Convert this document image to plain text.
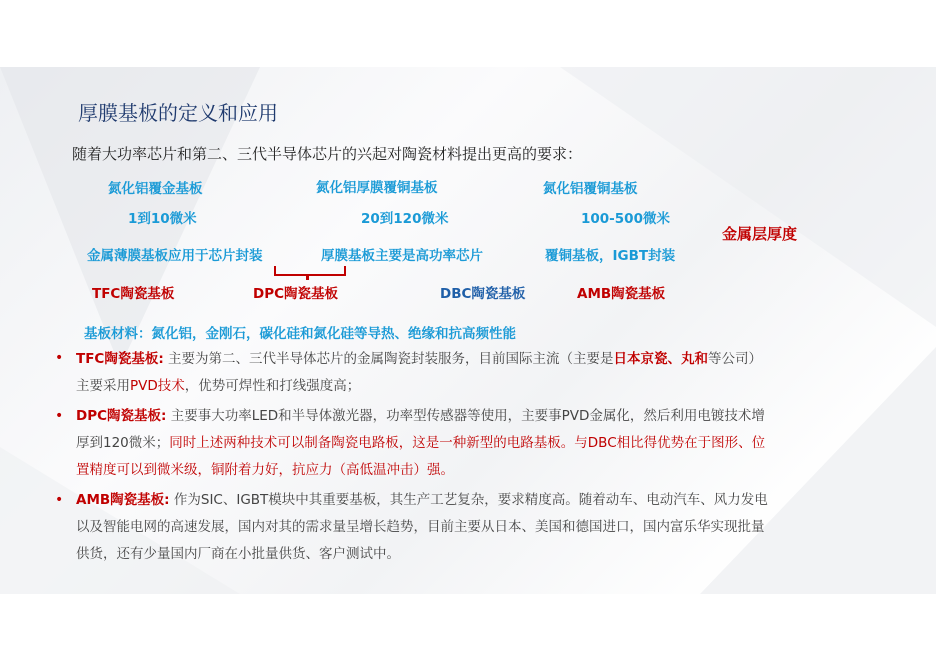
厚膜基板的定义和应用
随着大功率芯片和第二、三代半导体芯片的兴起对陶瓷材料提出更高的要求：
氮化铝覆金基板	氮化铝厚膜覆铜基板	氮化铝覆铜基板
1到10微米	20到120微米	100-500微米
金属层厚度
金属薄膜基板应用于芯片封装	厚膜基板主要是高功率芯片	覆铜基板，IGBT封装
TFC陶瓷基板	DPC陶瓷基板	DBC陶瓷基板	AMB陶瓷基板
基板材料：氮化铝，金刚石，碳化硅和氮化硅等导热、绝缘和抗高频性能
• TFC陶瓷基板: 主要为第二、三代半导体芯片的金属陶瓷封装服务，目前国际主流（主要是日本京瓷、丸和等公司）
主要采用PVD技术，优势可焊性和打线强度高；
• DPC陶瓷基板: 主要事大功率LED和半导体激光器，功率型传感器等使用，主要事PVD金属化，然后利用电镀技术增
厚到120微米；同时上述两种技术可以制备陶瓷电路板，这是一种新型的电路基板。与DBC相比得优势在于图形、位
置精度可以到微米级，铜附着力好，抗应力（高低温冲击）强。
• AMB陶瓷基板: 作为SIC、IGBT模块中其重要基板，其生产工艺复杂，要求精度高。随着动车、电动汽车、风力发电
以及智能电网的高速发展，国内对其的需求量呈增长趋势，目前主要从日本、美国和德国进口，国内富乐华实现批量
供货，还有少量国内厂商在小批量供货、客户测试中。
